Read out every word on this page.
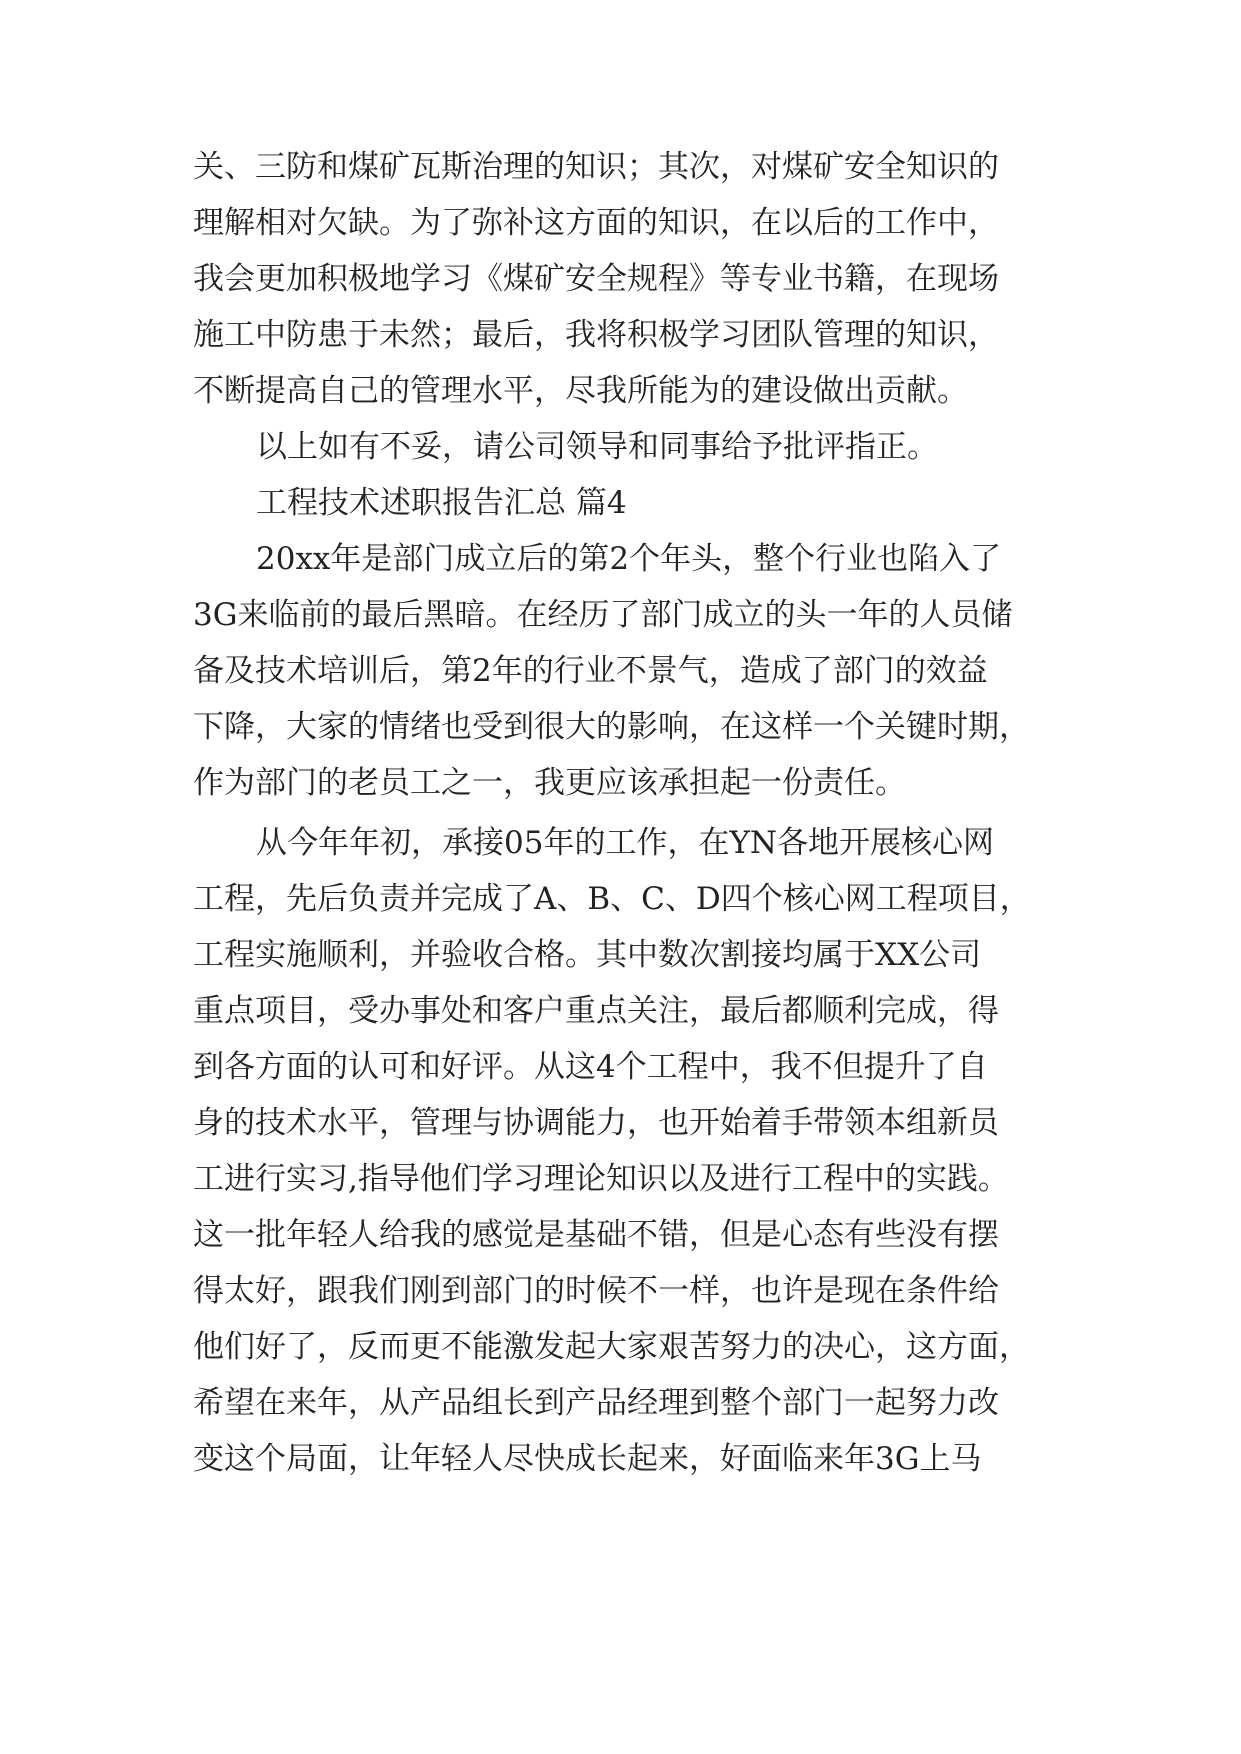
关、三防和煤矿瓦斯治理的知识；其次，对煤矿安全知识的
理解相对欠缺。为了弥补这方面的知识，在以后的工作中，
我会更加积极地学习《煤矿安全规程》等专业书籍，在现场
施工中防患于未然；最后，我将积极学习团队管理的知识，
不断提高自己的管理水平，尽我所能为的建设做出贡献。
以上如有不妥，请公司领导和同事给予批评指正。
工程技术述职报告汇总 篇4
20xx年是部门成立后的第2个年头，整个行业也陷入了
3G来临前的最后黑暗。在经历了部门成立的头一年的人员储
备及技术培训后，第2年的行业不景气，造成了部门的效益
下降，大家的情绪也受到很大的影响，在这样一个关键时期，
作为部门的老员工之一，我更应该承担起一份责任。
从今年年初，承接05年的工作，在YN各地开展核心网
工程，先后负责并完成了A、B、C、D四个核心网工程项目，
工程实施顺利，并验收合格。其中数次割接均属于XX公司
重点项目，受办事处和客户重点关注，最后都顺利完成，得
到各方面的认可和好评。从这4个工程中，我不但提升了自
身的技术水平，管理与协调能力，也开始着手带领本组新员
工进行实习,指导他们学习理论知识以及进行工程中的实践。
这一批年轻人给我的感觉是基础不错，但是心态有些没有摆
得太好，跟我们刚到部门的时候不一样，也许是现在条件给
他们好了，反而更不能激发起大家艰苦努力的决心，这方面，
希望在来年，从产品组长到产品经理到整个部门一起努力改
变这个局面，让年轻人尽快成长起来，好面临来年3G上马
